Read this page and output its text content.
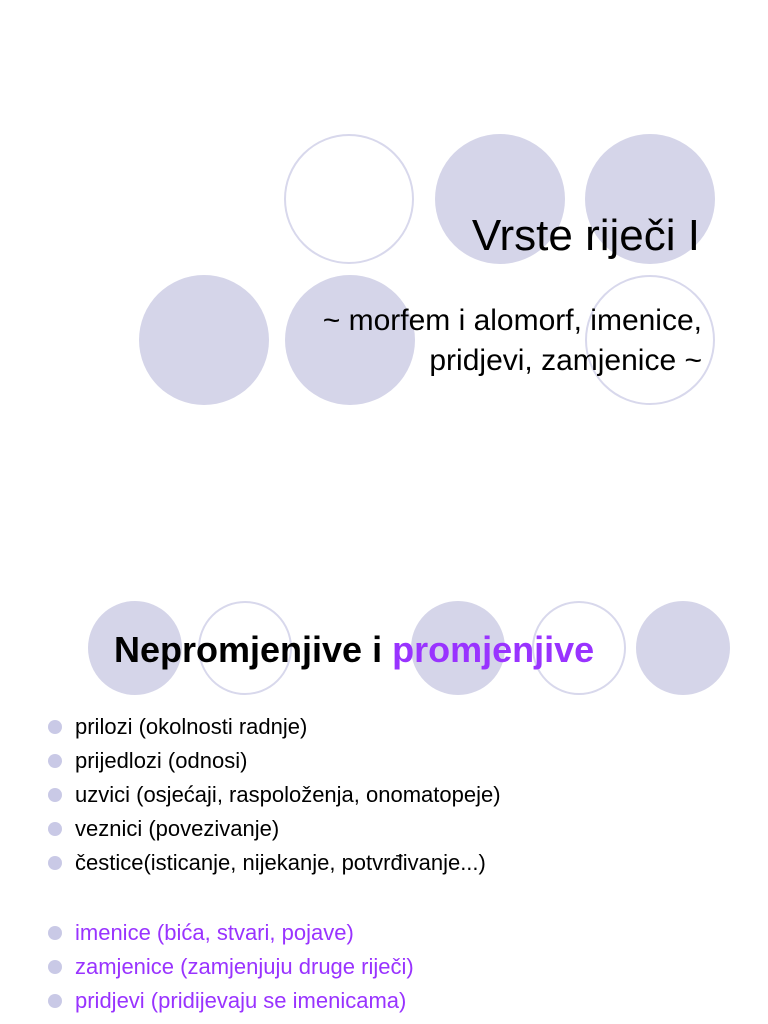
Vrste riječi I

~ morfem i alomorf, imenice,
pridjevi, zamjenice ~

Nepromjenjive i promjenjive
prilozi (okolnosti radnje)
prijedlozi (odnosi)
uzvici (osjećaji, raspoloženja, onomatopeje)
veznici (povezivanje)
čestice(isticanje, nijekanje, potvrđivanje...)
imenice (bića, stvari, pojave)
zamjenice (zamjenjuju druge riječi)
pridjevi (pridijevaju se imenicama)
